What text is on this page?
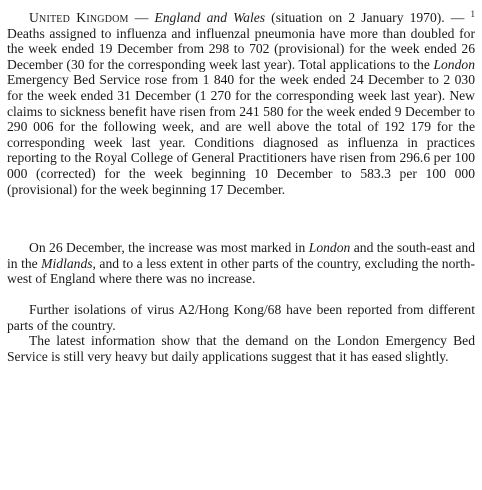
United Kingdom — England and Wales (situation on 2 January 1970). — $^1$ Deaths assigned to influenza and influenzal pneumonia have more than doubled for the week ended 19 December from 298 to 702 (provisional) for the week ended 26 December (30 for the corresponding week last year). Total applications to the London Emergency Bed Service rose from 1 840 for the week ended 24 December to 2 030 for the week ended 31 December (1 270 for the corresponding week last year). New claims to sickness benefit have risen from 241 580 for the week ended 9 December to 290 006 for the following week, and are well above the total of 192 179 for the corresponding week last year. Conditions diagnosed as influenza in practices reporting to the Royal College of General Practitioners have risen from 296.6 per 100 000 (corrected) for the week beginning 10 December to 583.3 per 100 000 (provisional) for the week beginning 17 December.

On 26 December, the increase was most marked in London and the south-east and in the Midlands, and to a less extent in other parts of the country, excluding the north-west of England where there was no increase.

Further isolations of virus A2/Hong Kong/68 have been reported from different parts of the country.

The latest information show that the demand on the London Emergency Bed Service is still very heavy but daily applications suggest that it has eased slightly.
